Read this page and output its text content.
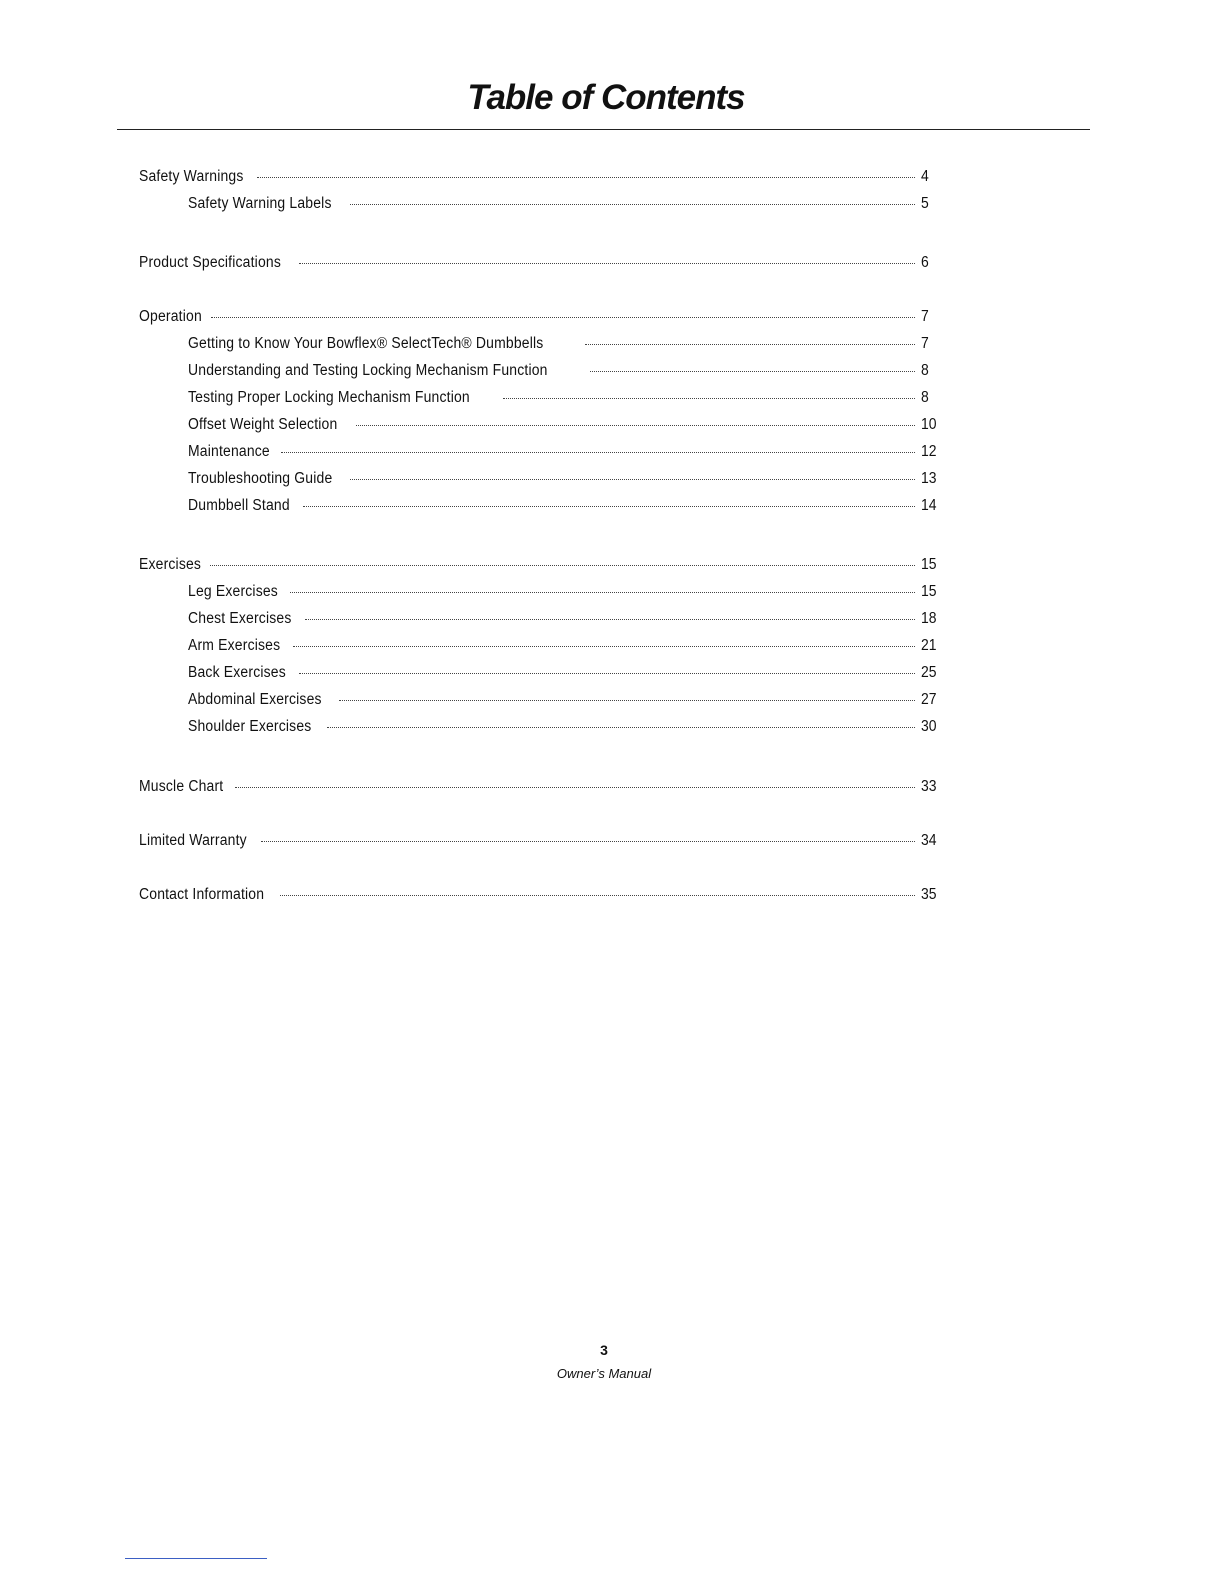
Table of Contents
Safety Warnings	4
Safety Warning Labels	5
Product Specifications	6
Operation	7
Getting to Know Your Bowflex® SelectTech® Dumbbells	7
Understanding and Testing Locking Mechanism Function	8
Testing Proper Locking Mechanism Function	8
Offset Weight Selection	10
Maintenance	12
Troubleshooting Guide	13
Dumbbell Stand	14
Exercises	15
Leg Exercises	15
Chest Exercises	18
Arm Exercises	21
Back Exercises	25
Abdominal Exercises	27
Shoulder Exercises	30
Muscle Chart	33
Limited Warranty	34
Contact Information	35
3
Owner’s Manual
